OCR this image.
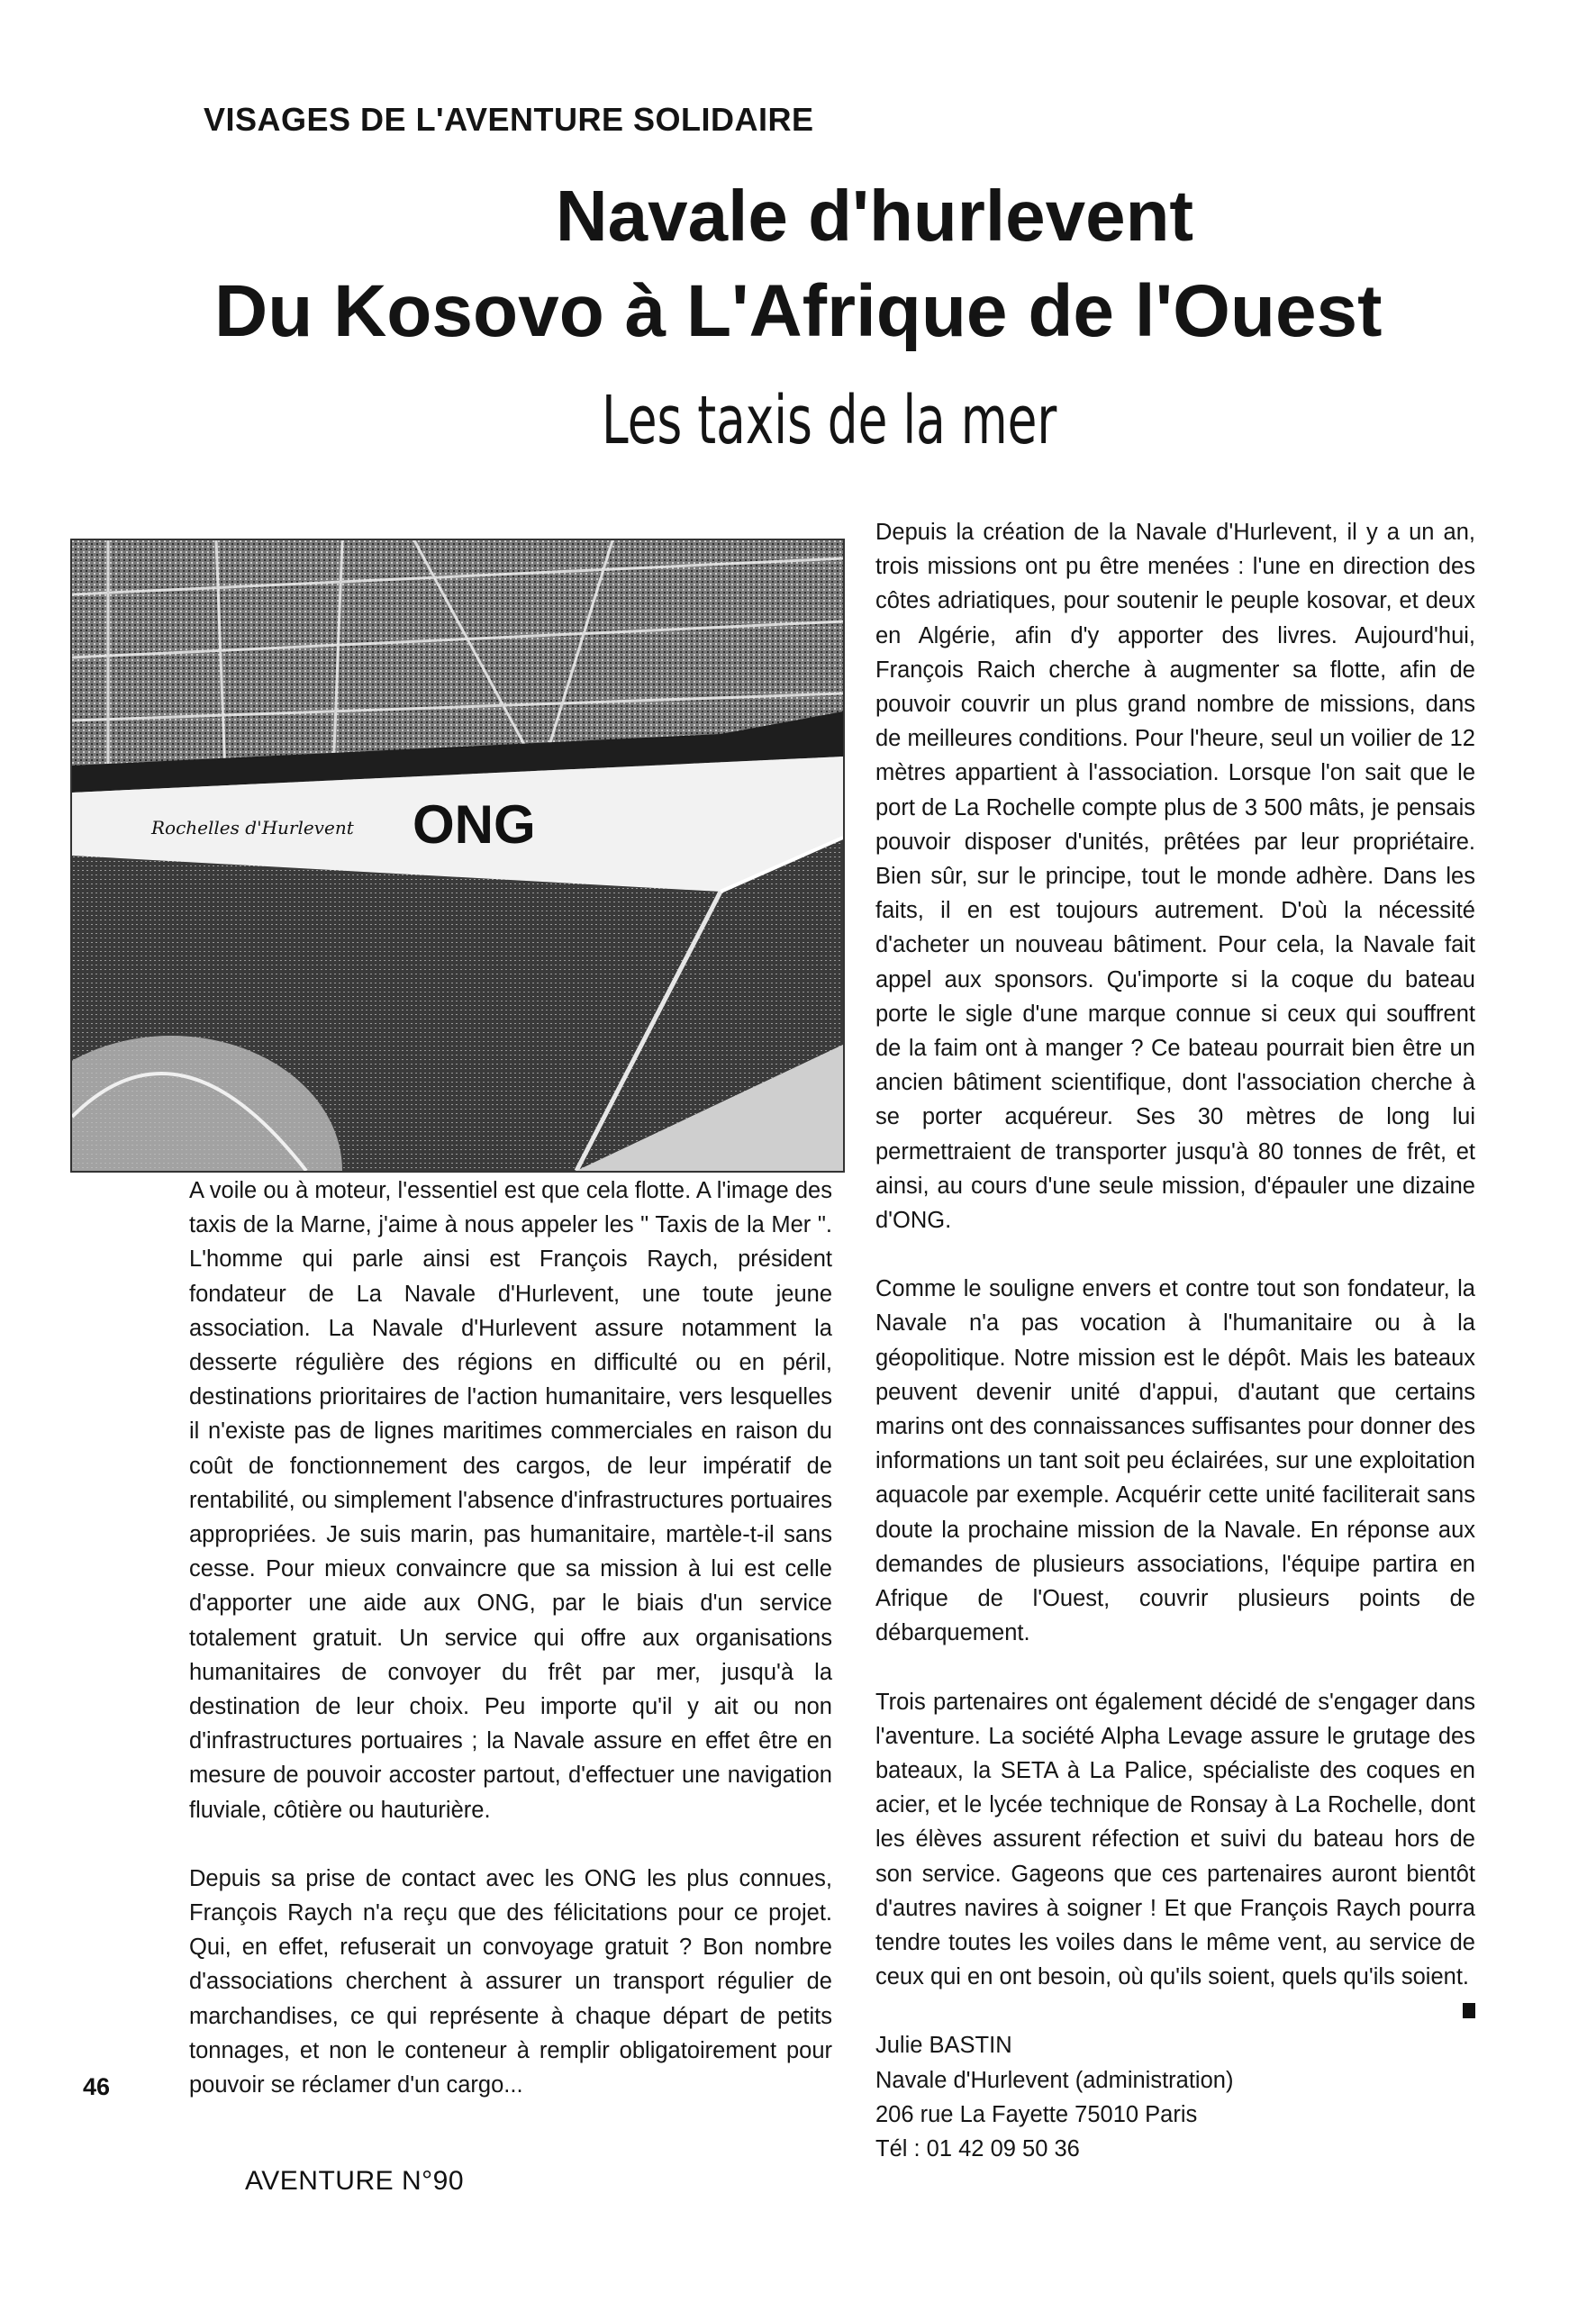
VISAGES DE L'AVENTURE SOLIDAIRE
Navale d'hurlevent
Du Kosovo à L'Afrique de l'Ouest
Les taxis de la mer
Rochelles d'Hurlevent ONG

A voile ou à moteur, l'essentiel est que cela flotte. A l'image des taxis de la Marne, j'aime à nous appeler les " Taxis de la Mer ". L'homme qui parle ainsi est François Raych, président fondateur de La Navale d'Hurlevent, une toute jeune association. La Navale d'Hurlevent assure notamment la desserte régulière des régions en difficulté ou en péril, destinations prioritaires de l'action humanitaire, vers lesquelles il n'existe pas de lignes maritimes commerciales en raison du coût de fonctionnement des cargos, de leur impératif de rentabilité, ou simplement l'absence d'infrastructures portuaires appropriées. Je suis marin, pas humanitaire, martèle-t-il sans cesse. Pour mieux convaincre que sa mission à lui est celle d'apporter une aide aux ONG, par le biais d'un service totalement gratuit. Un service qui offre aux organisations humanitaires de convoyer du frêt par mer, jusqu'à la destination de leur choix. Peu importe qu'il y ait ou non d'infrastructures portuaires ; la Navale assure en effet être en mesure de pouvoir accoster partout, d'effectuer une navigation fluviale, côtière ou hauturière.

Depuis sa prise de contact avec les ONG les plus connues, François Raych n'a reçu que des félicitations pour ce projet. Qui, en effet, refuserait un convoyage gratuit ? Bon nombre d'associations cherchent à assurer un transport régulier de marchandises, ce qui représente à chaque départ de petits tonnages, et non le conteneur à remplir obligatoirement pour pouvoir se réclamer d'un cargo...

Depuis la création de la Navale d'Hurlevent, il y a un an, trois missions ont pu être menées : l'une en direction des côtes adriatiques, pour soutenir le peuple kosovar, et deux en Algérie, afin d'y apporter des livres. Aujourd'hui, François Raich cherche à augmenter sa flotte, afin de pouvoir couvrir un plus grand nombre de missions, dans de meilleures conditions. Pour l'heure, seul un voilier de 12 mètres appartient à l'association. Lorsque l'on sait que le port de La Rochelle compte plus de 3 500 mâts, je pensais pouvoir disposer d'unités, prêtées par leur propriétaire. Bien sûr, sur le principe, tout le monde adhère. Dans les faits, il en est toujours autrement. D'où la nécessité d'acheter un nouveau bâtiment. Pour cela, la Navale fait appel aux sponsors. Qu'importe si la coque du bateau porte le sigle d'une marque connue si ceux qui souffrent de la faim ont à manger ? Ce bateau pourrait bien être un ancien bâtiment scientifique, dont l'association cherche à se porter acquéreur. Ses 30 mètres de long lui permettraient de transporter jusqu'à 80 tonnes de frêt, et ainsi, au cours d'une seule mission, d'épauler une dizaine d'ONG.

Comme le souligne envers et contre tout son fondateur, la Navale n'a pas vocation à l'humanitaire ou à la géopolitique. Notre mission est le dépôt. Mais les bateaux peuvent devenir unité d'appui, d'autant que certains marins ont des connaissances suffisantes pour donner des informations un tant soit peu éclairées, sur une exploitation aquacole par exemple. Acquérir cette unité faciliterait sans doute la prochaine mission de la Navale. En réponse aux demandes de plusieurs associations, l'équipe partira en Afrique de l'Ouest, couvrir plusieurs points de débarquement.

Trois partenaires ont également décidé de s'engager dans l'aventure. La société Alpha Levage assure le grutage des bateaux, la SETA à La Palice, spécialiste des coques en acier, et le lycée technique de Ronsay à La Rochelle, dont les élèves assurent réfection et suivi du bateau hors de son service. Gageons que ces partenaires auront bientôt d'autres navires à soigner ! Et que François Raych pourra tendre toutes les voiles dans le même vent, au service de ceux qui en ont besoin, où qu'ils soient, quels qu'ils soient.

Julie BASTIN
Navale d'Hurlevent (administration)
206 rue La Fayette 75010 Paris
Tél : 01 42 09 50 36
46
AVENTURE N°90
